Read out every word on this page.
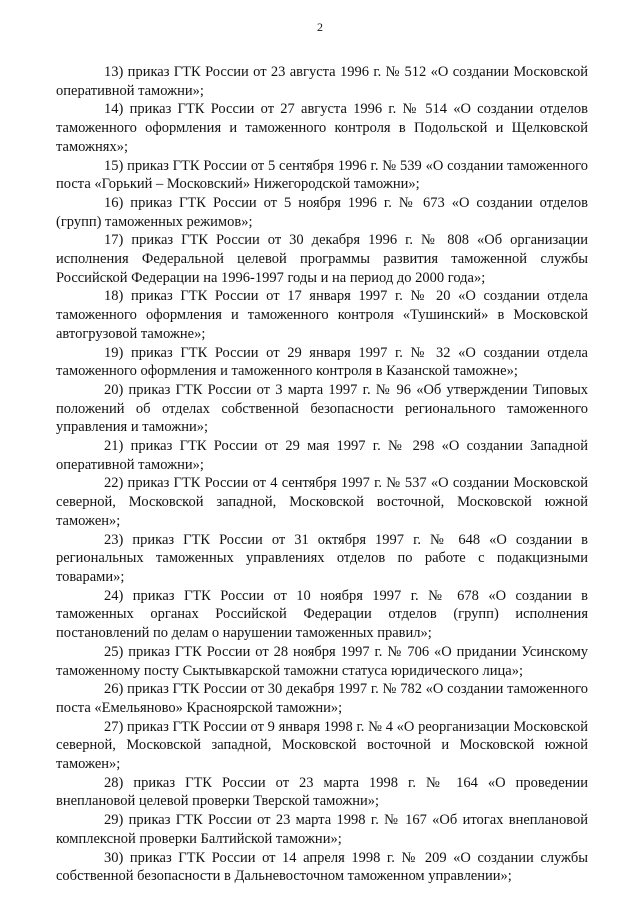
2

13) приказ ГТК России от 23 августа 1996 г. № 512 «О создании Московской оперативной таможни»;

14) приказ ГТК России от 27 августа 1996 г. № 514 «О создании отделов таможенного оформления и таможенного контроля в Подольской и Щелковской таможнях»;

15) приказ ГТК России от 5 сентября 1996 г. № 539 «О создании таможенного поста «Горький – Московский» Нижегородской таможни»;

16) приказ ГТК России от 5 ноября 1996 г. № 673 «О создании отделов (групп) таможенных режимов»;

17) приказ ГТК России от 30 декабря 1996 г. № 808 «Об организации исполнения Федеральной целевой программы развития таможенной службы Российской Федерации на 1996-1997 годы и на период до 2000 года»;

18) приказ ГТК России от 17 января 1997 г. № 20 «О создании отдела таможенного оформления и таможенного контроля «Тушинский» в Московской автогрузовой таможне»;

19) приказ ГТК России от 29 января 1997 г. № 32 «О создании отдела таможенного оформления и таможенного контроля в Казанской таможне»;

20) приказ ГТК России от 3 марта 1997 г. № 96 «Об утверждении Типовых положений об отделах собственной безопасности регионального таможенного управления и таможни»;

21) приказ ГТК России от 29 мая 1997 г. № 298 «О создании Западной оперативной таможни»;

22) приказ ГТК России от 4 сентября 1997 г. № 537 «О создании Московской северной, Московской западной, Московской восточной, Московской южной таможен»;

23) приказ ГТК России от 31 октября 1997 г. № 648 «О создании в региональных таможенных управлениях отделов по работе с подакцизными товарами»;

24) приказ ГТК России от 10 ноября 1997 г. № 678 «О создании в таможенных органах Российской Федерации отделов (групп) исполнения постановлений по делам о нарушении таможенных правил»;

25) приказ ГТК России от 28 ноября 1997 г. № 706 «О придании Усинскому таможенному посту Сыктывкарской таможни статуса юридического лица»;

26) приказ ГТК России от 30 декабря 1997 г. № 782 «О создании таможенного поста «Емельяново» Красноярской таможни»;

27) приказ ГТК России от 9 января 1998 г. № 4 «О реорганизации Московской северной, Московской западной, Московской восточной и Московской южной таможен»;

28) приказ ГТК России от 23 марта 1998 г. № 164 «О проведении внеплановой целевой проверки Тверской таможни»;

29) приказ ГТК России от 23 марта 1998 г. № 167 «Об итогах внеплановой комплексной проверки Балтийской таможни»;

30) приказ ГТК России от 14 апреля 1998 г. № 209 «О создании службы собственной безопасности в Дальневосточном таможенном управлении»;
